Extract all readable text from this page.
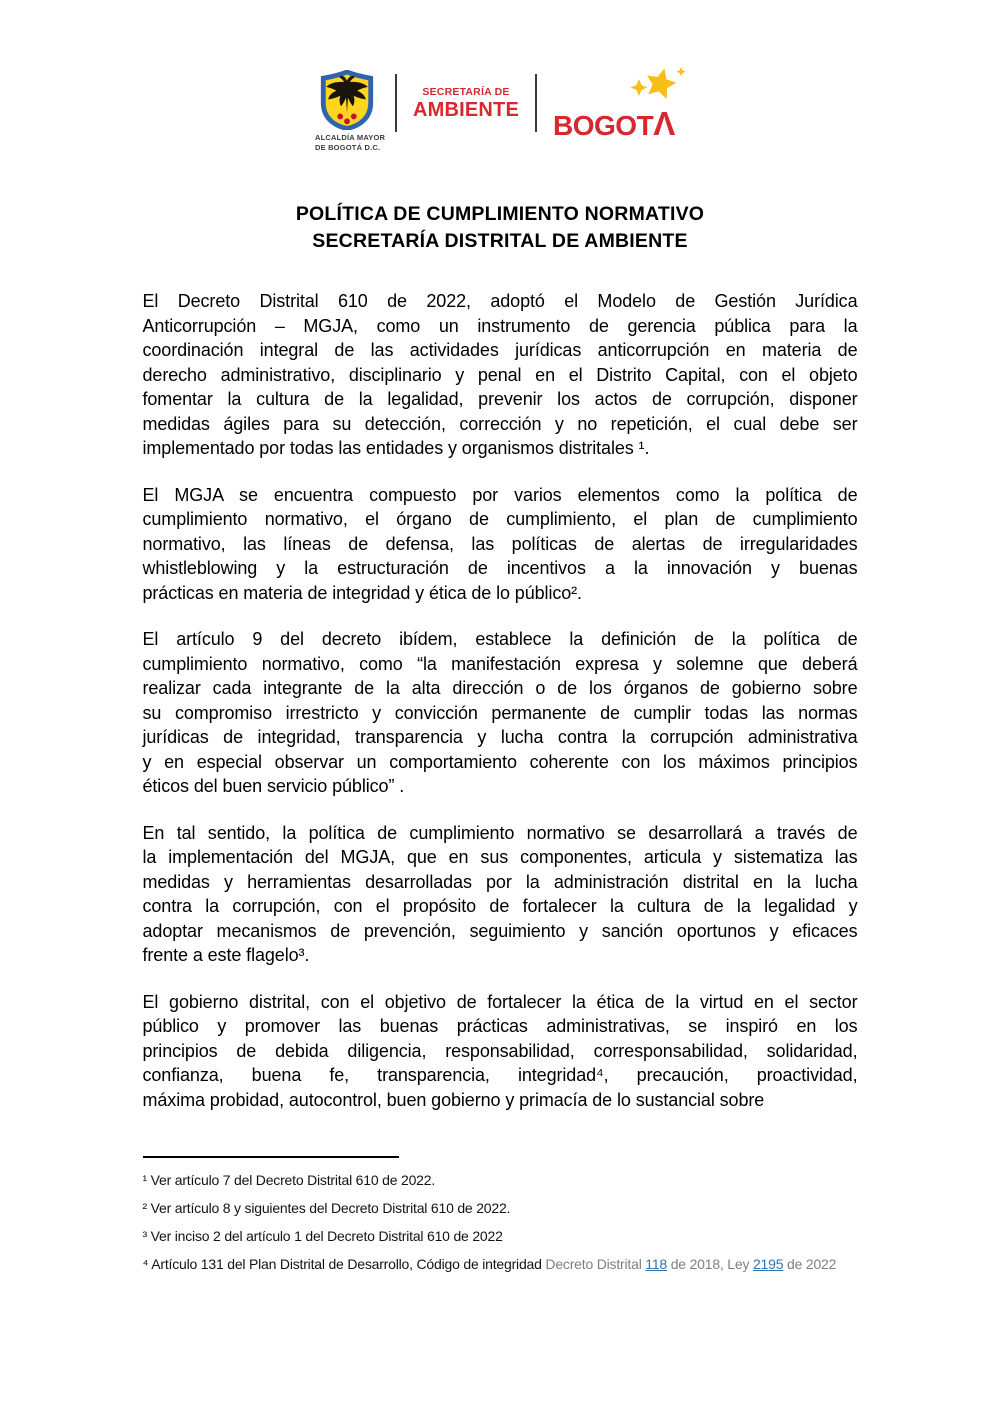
ALCALDÍA MAYOR
DE BOGOTÁ D.C.
SECRETARÍA DE
AMBIENTE BOGOTΛ
POLÍTICA DE CUMPLIMIENTO NORMATIVO
SECRETARÍA DISTRITAL DE AMBIENTE
El Decreto Distrital 610 de 2022, adoptó el Modelo de Gestión Jurídica
Anticorrupción – MGJA, como un instrumento de gerencia pública para la
coordinación integral de las actividades jurídicas anticorrupción en materia de
derecho administrativo, disciplinario y penal en el Distrito Capital, con el objeto
fomentar la cultura de la legalidad, prevenir los actos de corrupción, disponer
medidas ágiles para su detección, corrección y no repetición, el cual debe ser
implementado por todas las entidades y organismos distritales ¹.
El MGJA se encuentra compuesto por varios elementos como la política de
cumplimiento normativo, el órgano de cumplimiento, el plan de cumplimiento
normativo, las líneas de defensa, las políticas de alertas de irregularidades
whistleblowing y la estructuración de incentivos a la innovación y buenas
prácticas en materia de integridad y ética de lo público².
El artículo 9 del decreto ibídem, establece la definición de la política de
cumplimiento normativo, como “la manifestación expresa y solemne que deberá
realizar cada integrante de la alta dirección o de los órganos de gobierno sobre
su compromiso irrestricto y convicción permanente de cumplir todas las normas
jurídicas de integridad, transparencia y lucha contra la corrupción administrativa
y en especial observar un comportamiento coherente con los máximos principios
éticos del buen servicio público” .
En tal sentido, la política de cumplimiento normativo se desarrollará a través de
la implementación del MGJA, que en sus componentes, articula y sistematiza las
medidas y herramientas desarrolladas por la administración distrital en la lucha
contra la corrupción, con el propósito de fortalecer la cultura de la legalidad y
adoptar mecanismos de prevención, seguimiento y sanción oportunos y eficaces
frente a este flagelo³.
El gobierno distrital, con el objetivo de fortalecer la ética de la virtud en el sector
público y promover las buenas prácticas administrativas, se inspiró en los
principios de debida diligencia, responsabilidad, corresponsabilidad, solidaridad,
confianza, buena fe, transparencia, integridad⁴, precaución, proactividad,
máxima probidad, autocontrol, buen gobierno y primacía de lo sustancial sobre
¹ Ver artículo 7 del Decreto Distrital 610 de 2022.
² Ver artículo 8 y siguientes del Decreto Distrital 610 de 2022.
³ Ver inciso 2 del artículo 1 del Decreto Distrital 610 de 2022
⁴ Artículo 131 del Plan Distrital de Desarrollo, Código de integridad Decreto Distrital 118 de 2018, Ley 2195 de 2022
